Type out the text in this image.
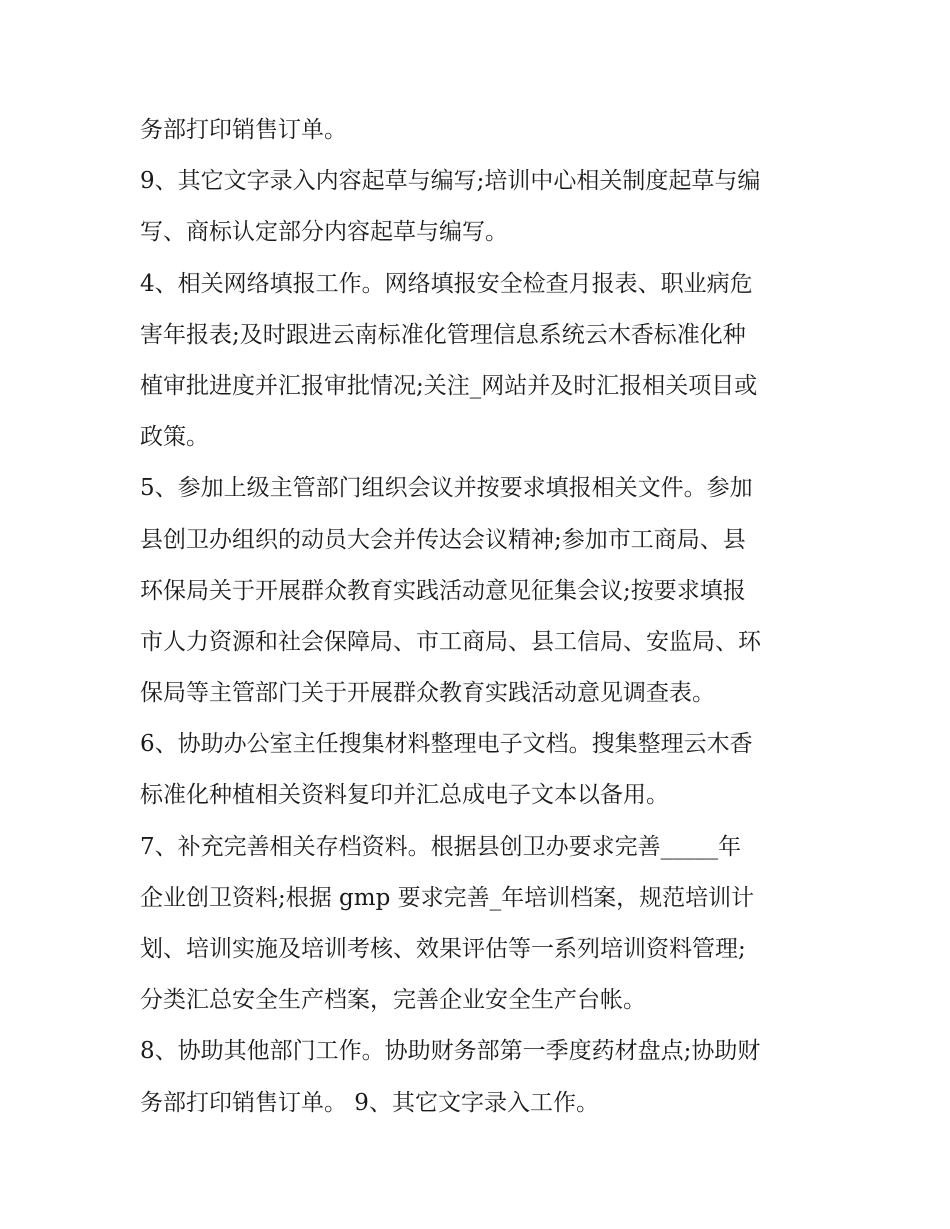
务部打印销售订单。
9、其它文字录入内容起草与编写;培训中心相关制度起草与编
写、商标认定部分内容起草与编写。
4、相关网络填报工作。网络填报安全检查月报表、职业病危
害年报表;及时跟进云南标准化管理信息系统云木香标准化种
植审批进度并汇报审批情况;关注_网站并及时汇报相关项目或
政策。
5、参加上级主管部门组织会议并按要求填报相关文件。参加
县创卫办组织的动员大会并传达会议精神;参加市工商局、县
环保局关于开展群众教育实践活动意见征集会议;按要求填报
市人力资源和社会保障局、市工商局、县工信局、安监局、环
保局等主管部门关于开展群众教育实践活动意见调查表。
6、协助办公室主任搜集材料整理电子文档。搜集整理云木香
标准化种植相关资料复印并汇总成电子文本以备用。
7、补充完善相关存档资料。根据县创卫办要求完善_____年
企业创卫资料;根据 gmp 要求完善_年培训档案，规范培训计
划、培训实施及培训考核、效果评估等一系列培训资料管理;
分类汇总安全生产档案，完善企业安全生产台帐。
8、协助其他部门工作。协助财务部第一季度药材盘点;协助财
务部打印销售订单。 9、其它文字录入工作。
